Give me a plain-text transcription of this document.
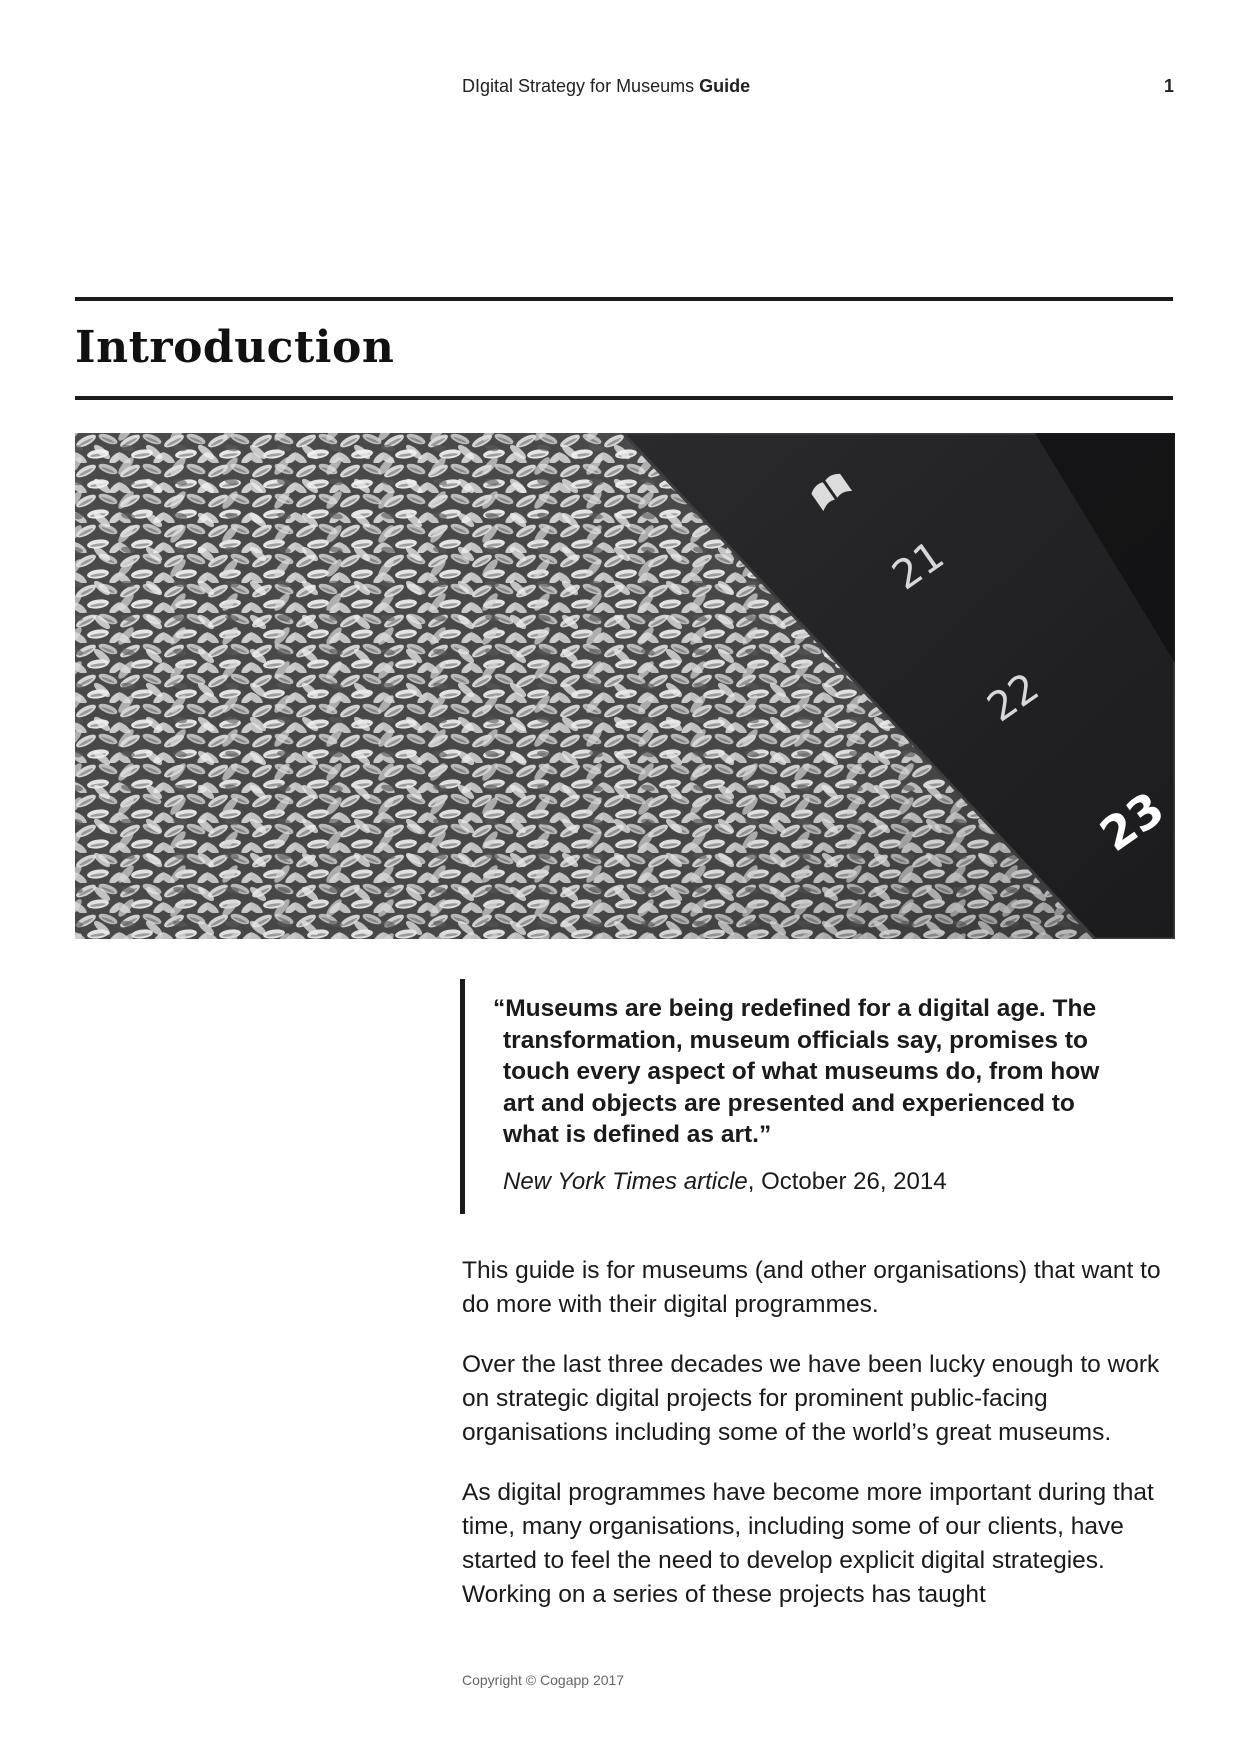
DIgital Strategy for Museums Guide	1
Introduction
21
22
23

“Museums are being redefined for a digital age. The transformation, museum officials say, promises to touch every aspect of what museums do, from how art and objects are presented and experienced to what is defined as art.”

New York Times article, October 26, 2014

This guide is for museums (and other organisations) that want to do more with their digital programmes.

Over the last three decades we have been lucky enough to work on strategic digital projects for prominent public-facing organisations including some of the world’s great museums.

As digital programmes have become more important during that time, many organisations, including some of our clients, have started to feel the need to develop explicit digital strategies. Working on a series of these projects has taught

Copyright © Cogapp 2017
